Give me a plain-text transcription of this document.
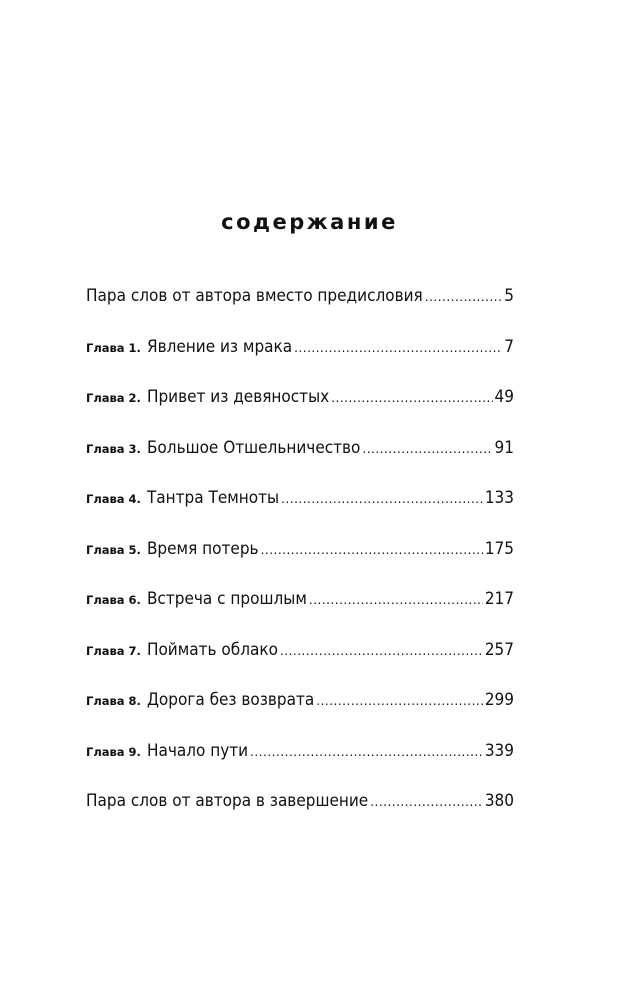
содержание
Пара слов от автора вместо предисловия .....	5
Глава 1. Явление из мрака .....	7
Глава 2. Привет из девяностых .....	49
Глава 3. Большое Отшельничество .....	91
Глава 4. Тантра Темноты .....	133
Глава 5. Время потерь .....	175
Глава 6. Встреча с прошлым .....	217
Глава 7. Поймать облако .....	257
Глава 8. Дорога без возврата .....	299
Глава 9. Начало пути .....	339
Пара слов от автора в завершение .....	380
